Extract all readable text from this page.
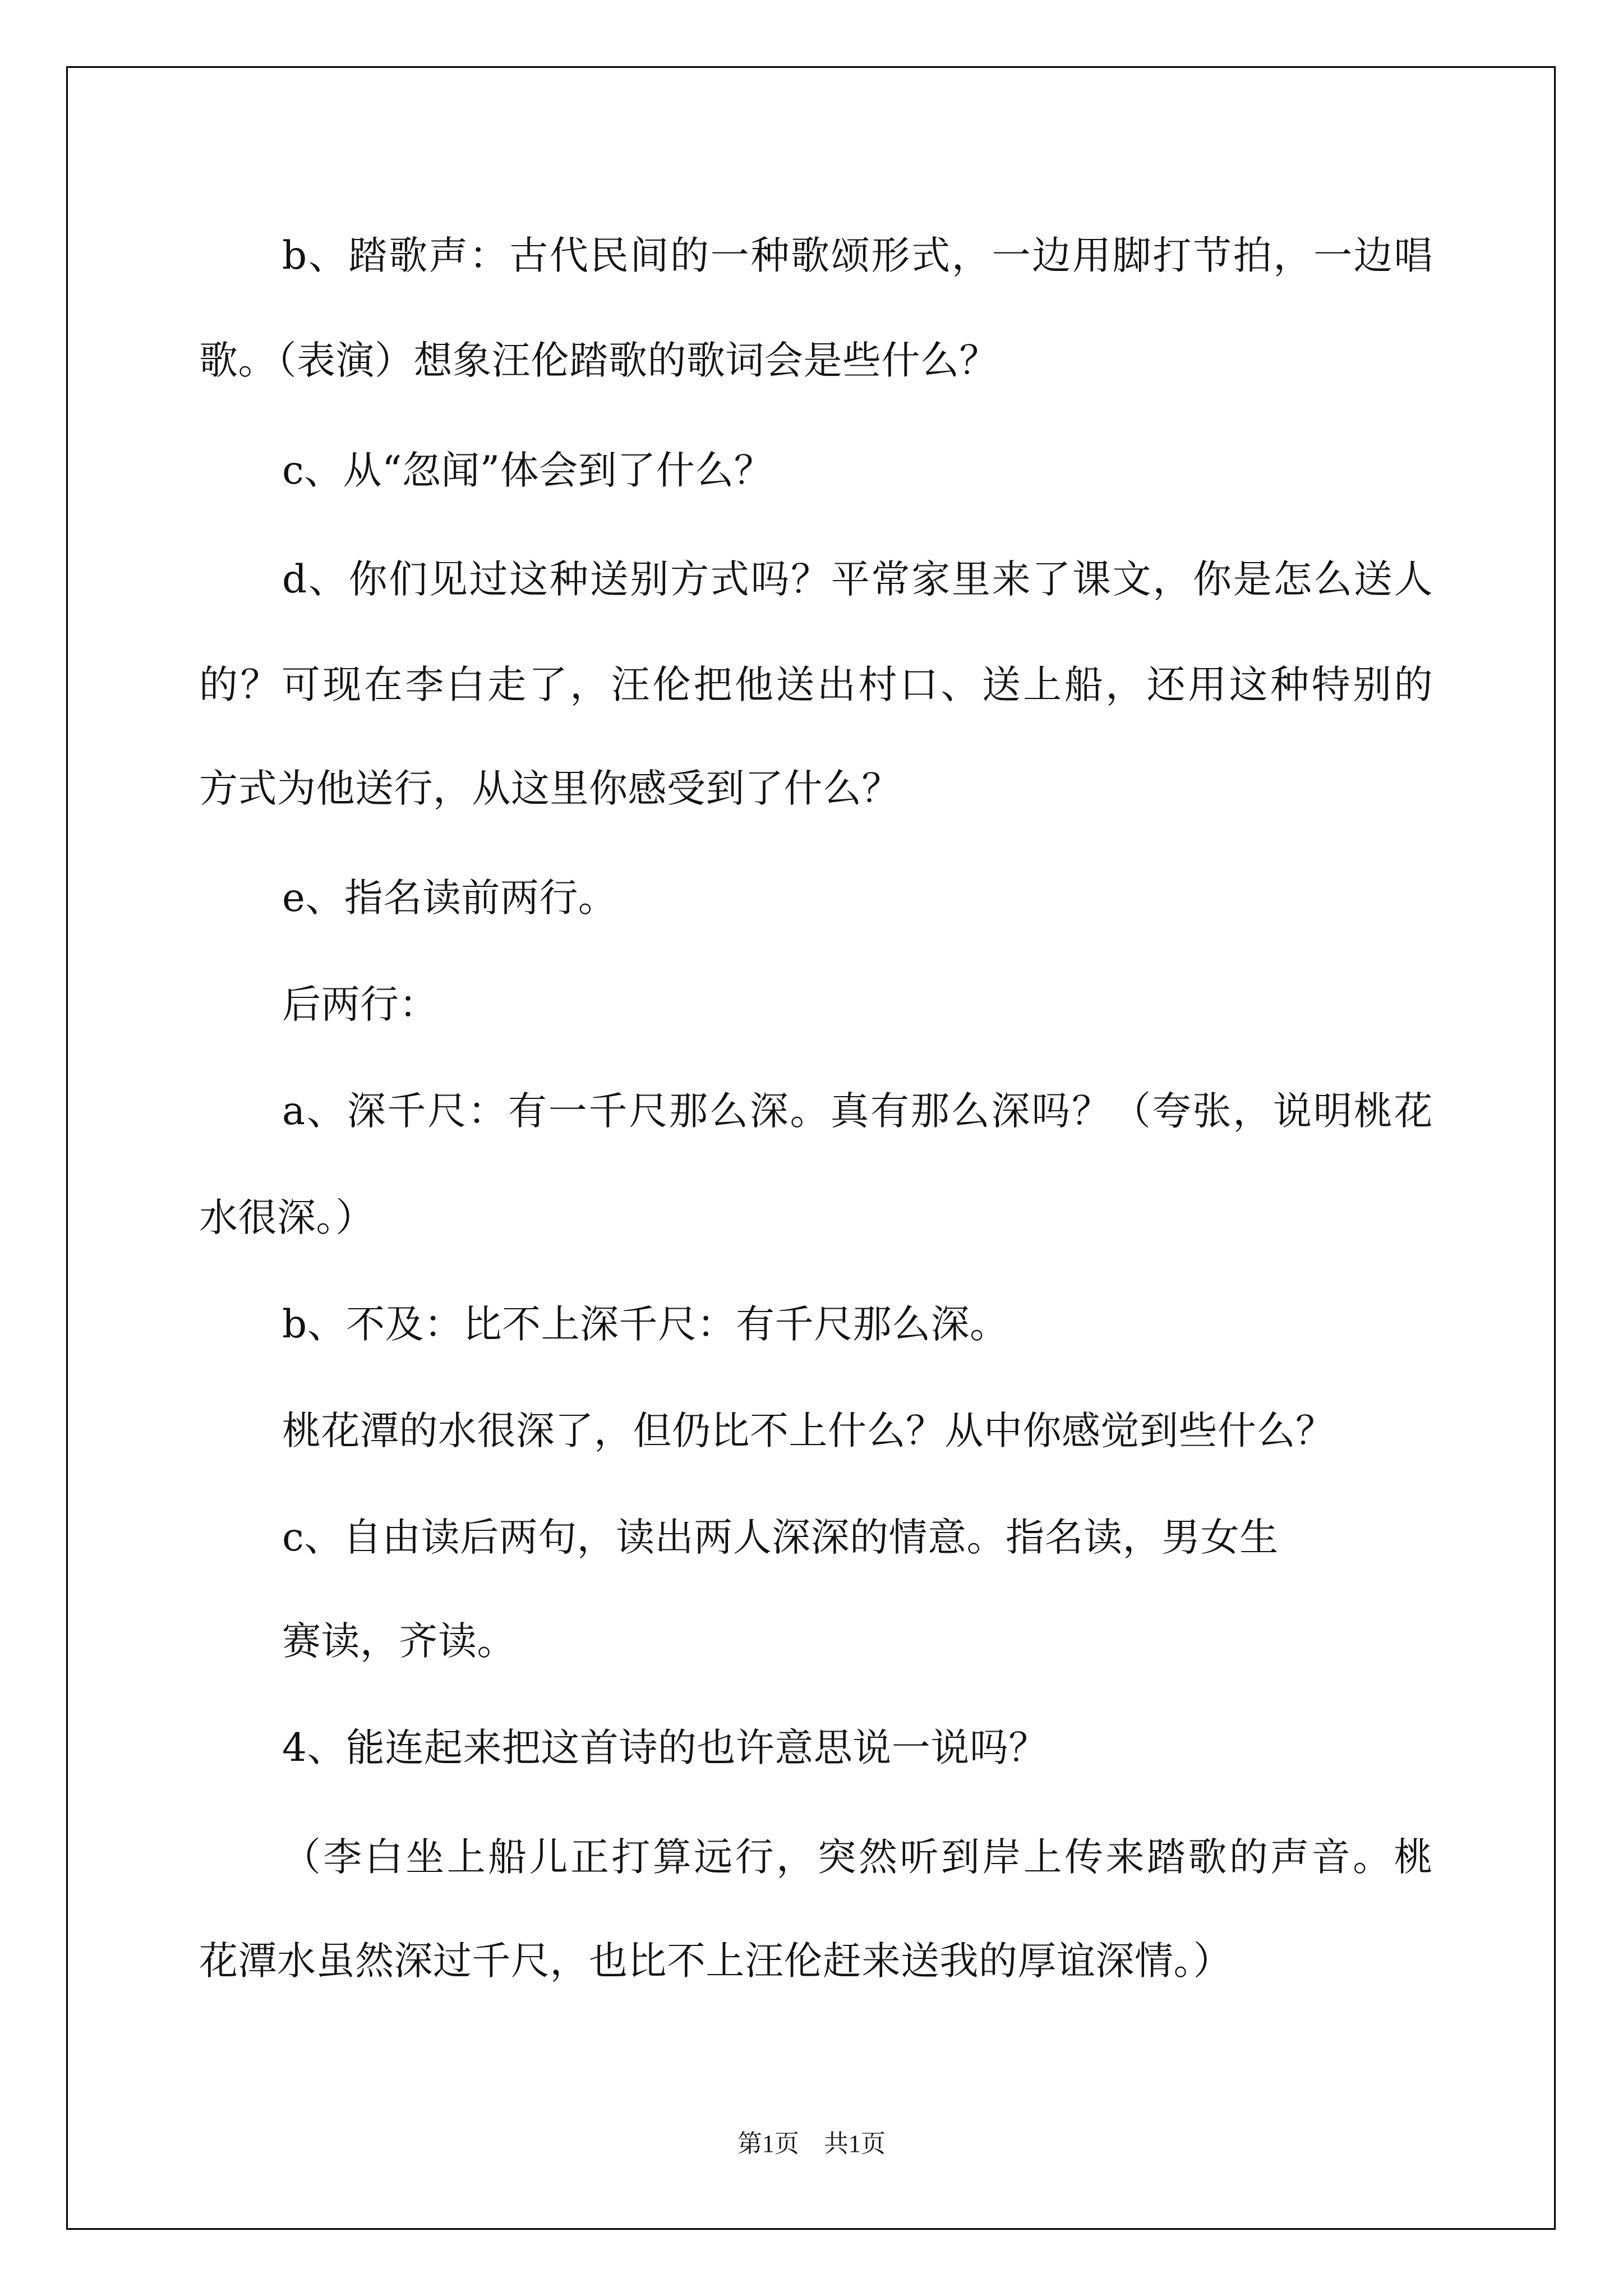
b、踏歌声：古代民间的一种歌颂形式，一边用脚打节拍，一边唱
歌。（表演）想象汪伦踏歌的歌词会是些什么？
c、从“忽闻”体会到了什么？
d、你们见过这种送别方式吗？平常家里来了课文，你是怎么送人
的？可现在李白走了，汪伦把他送出村口、送上船，还用这种特别的
方式为他送行，从这里你感受到了什么？
e、指名读前两行。
后两行：
a、深千尺：有一千尺那么深。真有那么深吗？（夸张，说明桃花
水很深。）
b、不及：比不上深千尺：有千尺那么深。
桃花潭的水很深了，但仍比不上什么？从中你感觉到些什么？
c、自由读后两句，读出两人深深的情意。指名读，男女生
赛读，齐读。
4、能连起来把这首诗的也许意思说一说吗？
（李白坐上船儿正打算远行，突然听到岸上传来踏歌的声音。桃
花潭水虽然深过千尺，也比不上汪伦赶来送我的厚谊深情。）
第1页　共1页
